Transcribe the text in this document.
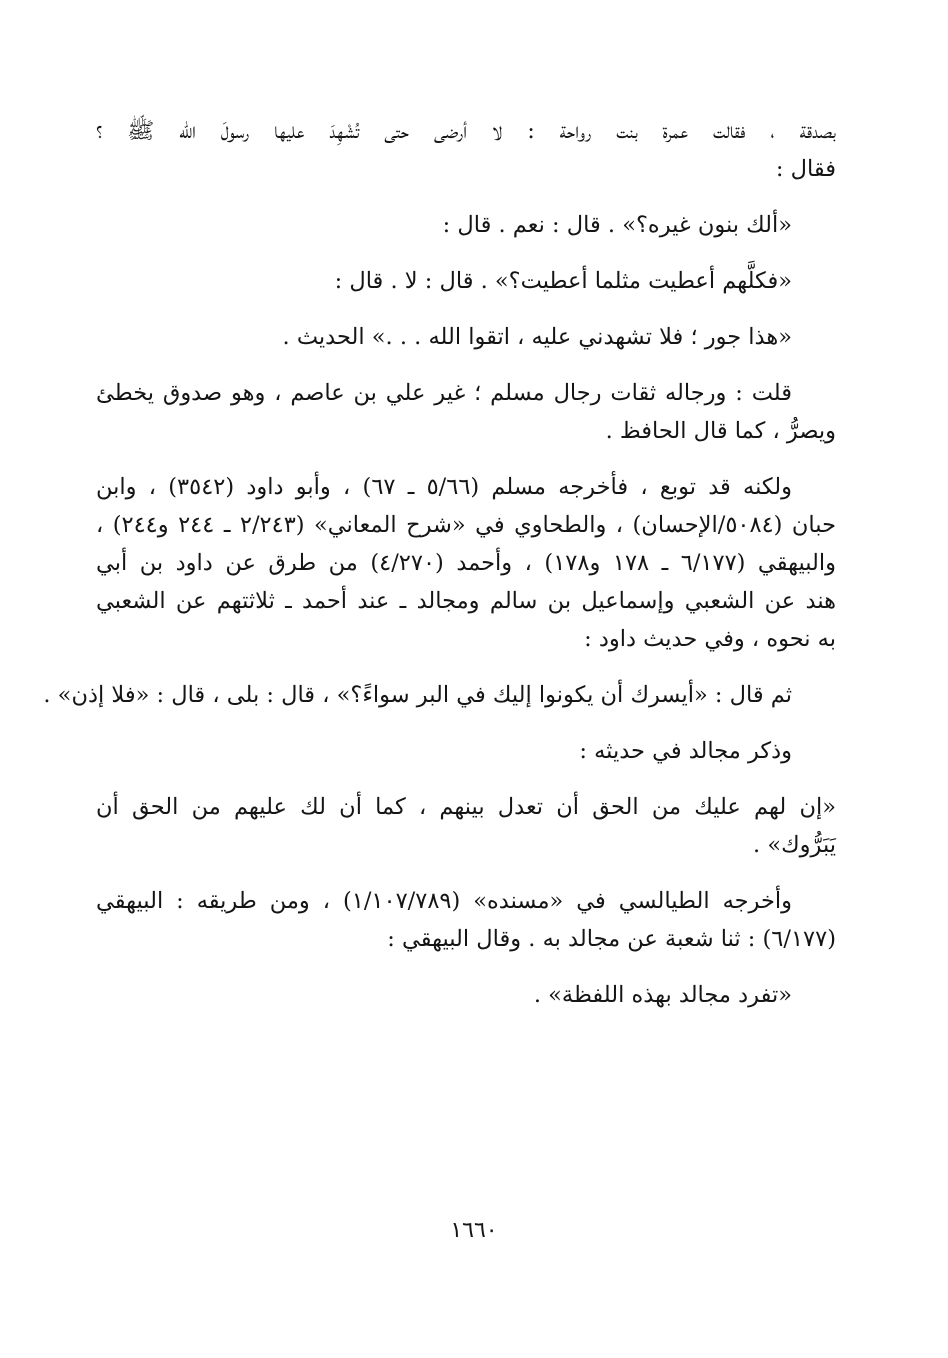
بصدقة ، فقالت عمرة بنت رواحة : لا أرضى حتى تُشْهِدَ عليها رسولَ الله ﷺ ؟
فقال :
«ألك بنون غيره؟» . قال : نعم . قال :
«فكلَّهم أعطيت مثلما أعطيت؟» . قال : لا . قال :
«هذا جور ؛ فلا تشهدني عليه ، اتقوا الله . . .» الحديث .
قلت : ورجاله ثقات رجال مسلم ؛ غير علي بن عاصم ، وهو صدوق يخطئ
ويصرُّ ، كما قال الحافظ .
ولكنه قد توبع ، فأخرجه مسلم (٥/٦٦ ـ ٦٧) ، وأبو داود (٣٥٤٢) ، وابن
حبان (٥٠٨٤/الإحسان) ، والطحاوي في «شرح المعاني» (٢/٢٤٣ ـ ٢٤٤ و٢٤٤) ،
والبيهقي (٦/١٧٧ ـ ١٧٨ و١٧٨) ، وأحمد (٤/٢٧٠) من طرق عن داود بن أبي
هند عن الشعبي وإسماعيل بن سالم ومجالد ـ عند أحمد ـ ثلاثتهم عن الشعبي
به نحوه ، وفي حديث داود :
ثم قال : «أيسرك أن يكونوا إليك في البر سواءً؟» ، قال : بلى ، قال : «فلا إذن» .
وذكر مجالد في حديثه :
«إن لهم عليك من الحق أن تعدل بينهم ، كما أن لك عليهم من الحق أن
يَبَرُّوك» .
وأخرجه الطيالسي في «مسنده» (١/١٠٧/٧٨٩) ، ومن طريقه : البيهقي
(٦/١٧٧) : ثنا شعبة عن مجالد به . وقال البيهقي :
«تفرد مجالد بهذه اللفظة» .
١٦٦٠
